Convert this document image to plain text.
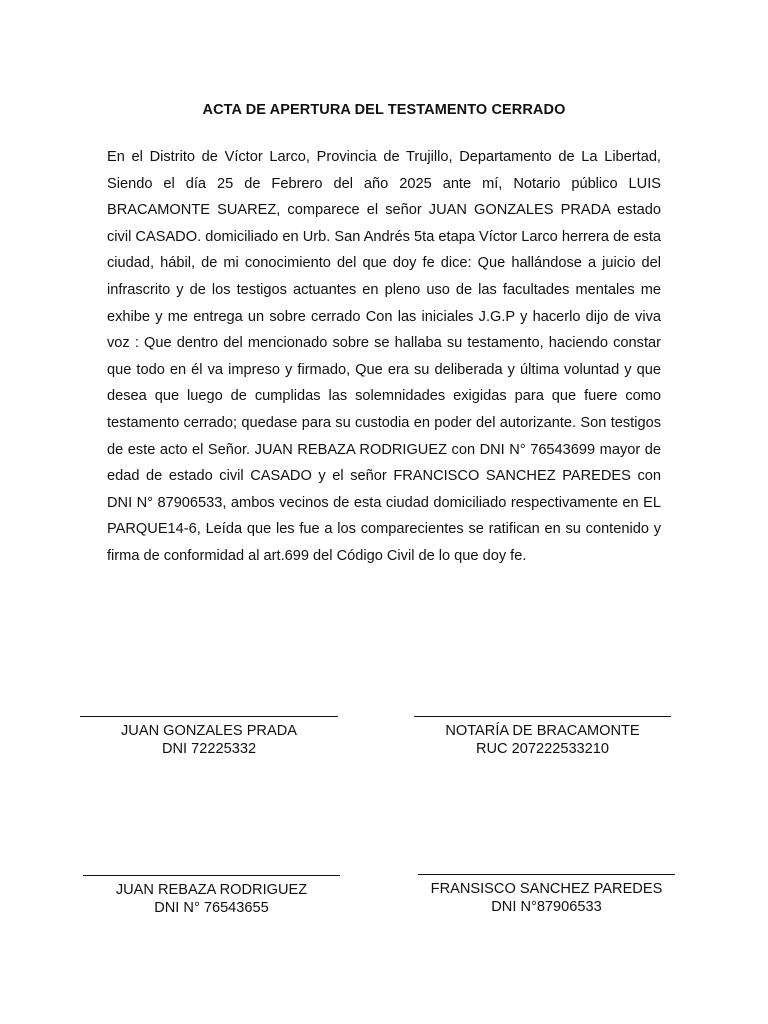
ACTA DE APERTURA DEL TESTAMENTO CERRADO

En el Distrito de Víctor Larco, Provincia de Trujillo, Departamento de La Libertad, Siendo el día 25 de Febrero del año 2025 ante mí, Notario público LUIS BRACAMONTE SUAREZ, comparece el señor JUAN GONZALES PRADA estado civil CASADO. domiciliado en Urb. San Andrés 5ta etapa Víctor Larco herrera de esta ciudad, hábil, de mi conocimiento del que doy fe dice: Que hallándose a juicio del infrascrito y de los testigos actuantes en pleno uso de las facultades mentales me exhibe y me entrega un sobre cerrado Con las iniciales J.G.P y hacerlo dijo de viva voz : Que dentro del mencionado sobre se hallaba su testamento, haciendo constar que todo en él va impreso y firmado, Que era su deliberada y última voluntad y que desea que luego de cumplidas las solemnidades exigidas para que fuere como testamento cerrado; quedase para su custodia en poder del autorizante. Son testigos de este acto el Señor. JUAN REBAZA RODRIGUEZ con DNI N° 76543699 mayor de edad de estado civil CASADO y el señor FRANCISCO SANCHEZ PAREDES con DNI N° 87906533, ambos vecinos de esta ciudad domiciliado respectivamente en EL PARQUE14-6, Leída que les fue a los comparecientes se ratifican en su contenido y firma de conformidad al art.699 del Código Civil de lo que doy fe.

JUAN GONZALES PRADA
DNI 72225332
NOTARÍA DE BRACAMONTE
RUC 207222533210
JUAN REBAZA RODRIGUEZ
DNI N° 76543655
FRANSISCO SANCHEZ PAREDES
DNI N°87906533
